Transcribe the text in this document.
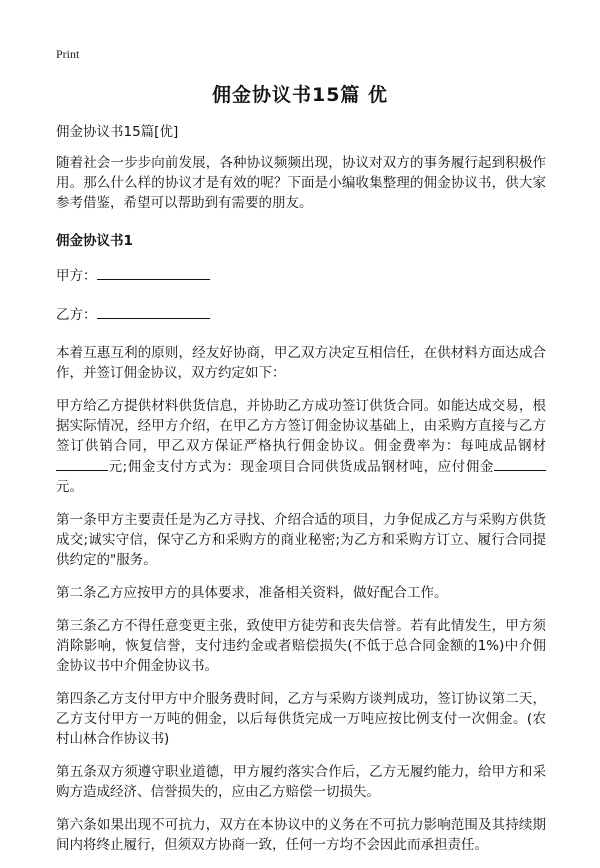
Print
佣金协议书15篇 优

佣金协议书15篇[优]

随着社会一步步向前发展，各种协议频频出现，协议对双方的事务履行起到积极作用。那么什么样的协议才是有效的呢？下面是小编收集整理的佣金协议书，供大家参考借鉴，希望可以帮助到有需要的朋友。

佣金协议书1

甲方：

乙方：

本着互惠互利的原则，经友好协商，甲乙双方决定互相信任，在供材料方面达成合作，并签订佣金协议，双方约定如下：

甲方给乙方提供材料供货信息，并协助乙方成功签订供货合同。如能达成交易，根据实际情况，经甲方介绍，在甲乙方方签订佣金协议基础上，由采购方直接与乙方签订供销合同，甲乙双方保证严格执行佣金协议。佣金费率为：每吨成品钢材元;佣金支付方式为：现金项目合同供货成品钢材吨，应付佣金元。

第一条甲方主要责任是为乙方寻找、介绍合适的项目，力争促成乙方与采购方供货成交;诚实守信，保守乙方和采购方的商业秘密;为乙方和采购方订立、履行合同提供约定的"服务。

第二条乙方应按甲方的具体要求，准备相关资料，做好配合工作。

第三条乙方不得任意变更主张，致使甲方徒劳和丧失信誉。若有此情发生，甲方须消除影响，恢复信誉，支付违约金或者赔偿损失(不低于总合同金额的1%)中介佣金协议书中介佣金协议书。

第四条乙方支付甲方中介服务费时间，乙方与采购方谈判成功，签订协议第二天，乙方支付甲方一万吨的佣金，以后每供货完成一万吨应按比例支付一次佣金。(农村山林合作协议书)

第五条双方须遵守职业道德，甲方履约落实合作后，乙方无履约能力，给甲方和采购方造成经济、信誉损失的，应由乙方赔偿一切损失。

第六条如果出现不可抗力，双方在本协议中的义务在不可抗力影响范围及其持续期间内将终止履行，但须双方协商一致，任何一方均不会因此而承担责任。
